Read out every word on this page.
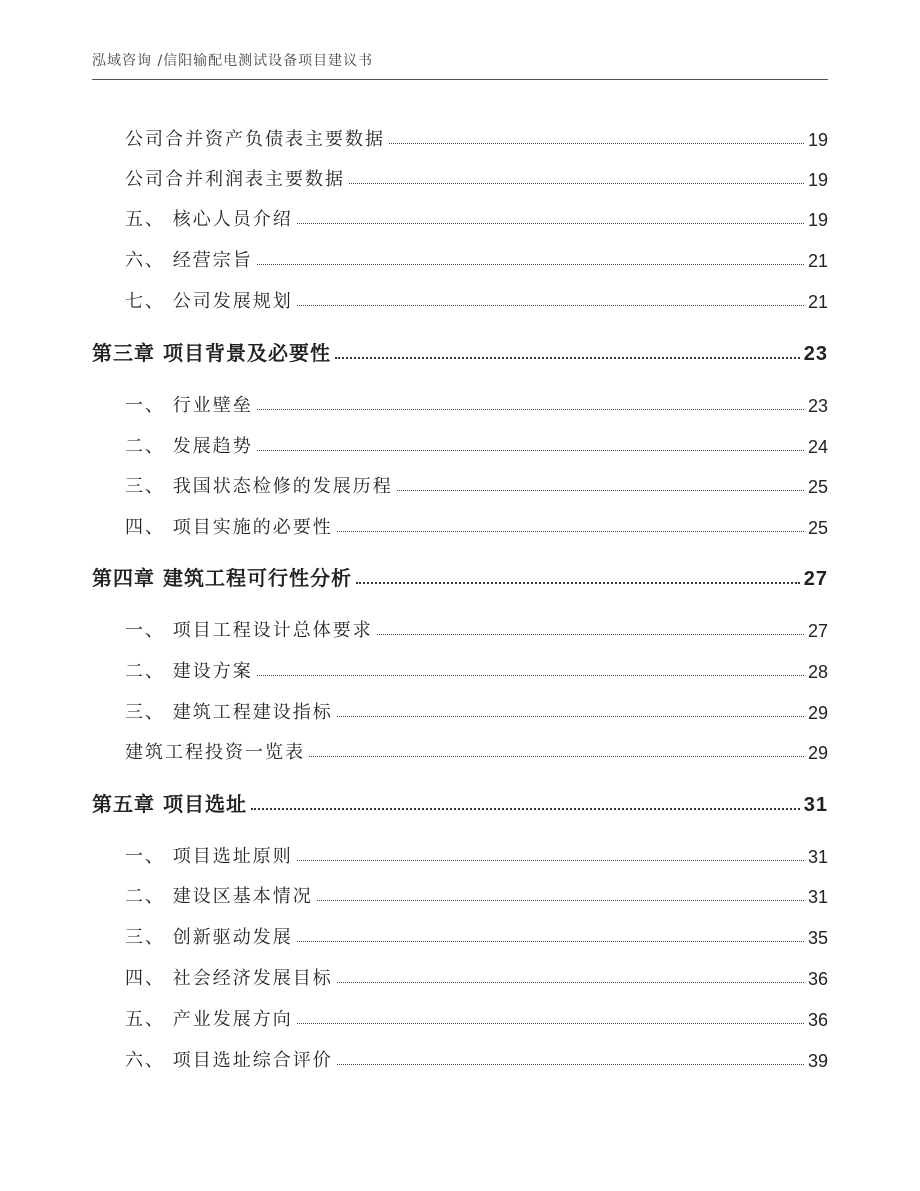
泓域咨询 /信阳输配电测试设备项目建议书
公司合并资产负债表主要数据	19
公司合并利润表主要数据	19
五、 核心人员介绍	19
六、 经营宗旨	21
七、 公司发展规划	21
第三章 项目背景及必要性	23
一、 行业壁垒	23
二、 发展趋势	24
三、 我国状态检修的发展历程	25
四、 项目实施的必要性	25
第四章 建筑工程可行性分析	27
一、 项目工程设计总体要求	27
二、 建设方案	28
三、 建筑工程建设指标	29
建筑工程投资一览表	29
第五章 项目选址	31
一、 项目选址原则	31
二、 建设区基本情况	31
三、 创新驱动发展	35
四、 社会经济发展目标	36
五、 产业发展方向	36
六、 项目选址综合评价	39
